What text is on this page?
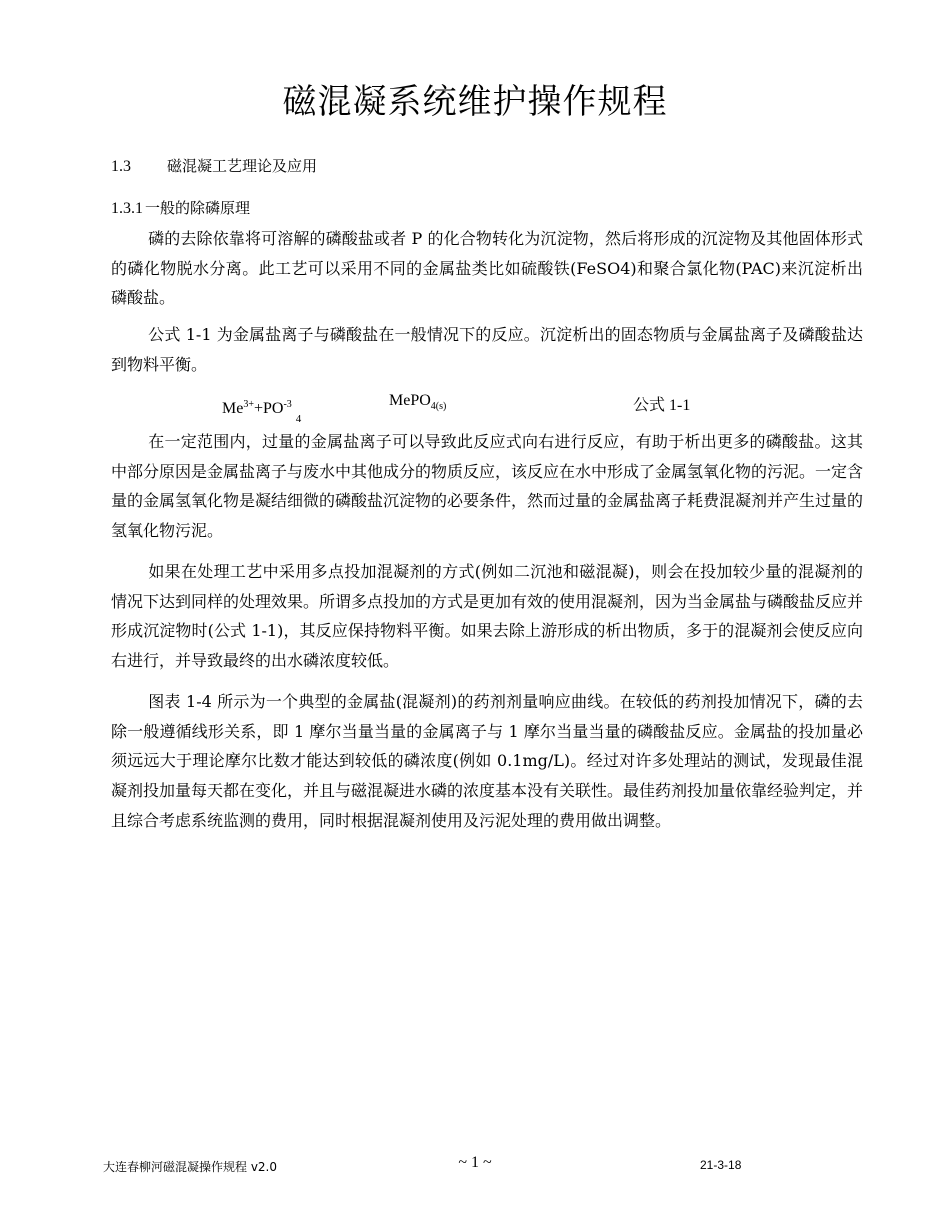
磁混凝系统维护操作规程
1.3 磁混凝工艺理论及应用
1.3.1 一般的除磷原理

磷的去除依靠将可溶解的磷酸盐或者 P 的化合物转化为沉淀物，然后将形成的沉淀物及其他固体形式的磷化物脱水分离。此工艺可以采用不同的金属盐类比如硫酸铁(FeSO4)和聚合氯化物(PAC)来沉淀析出磷酸盐。

公式 1-1 为金属盐离子与磷酸盐在一般情况下的反应。沉淀析出的固态物质与金属盐离子及磷酸盐达到物料平衡。

$Me^{3+}+PO^{-3}_4$
MePO$_{4(s)}$	公式 1-1

在一定范围内，过量的金属盐离子可以导致此反应式向右进行反应，有助于析出更多的磷酸盐。这其中部分原因是金属盐离子与废水中其他成分的物质反应，该反应在水中形成了金属氢氧化物的污泥。一定含量的金属氢氧化物是凝结细微的磷酸盐沉淀物的必要条件，然而过量的金属盐离子耗费混凝剂并产生过量的氢氧化物污泥。

如果在处理工艺中采用多点投加混凝剂的方式(例如二沉池和磁混凝)，则会在投加较少量的混凝剂的情况下达到同样的处理效果。所谓多点投加的方式是更加有效的使用混凝剂，因为当金属盐与磷酸盐反应并形成沉淀物时(公式 1-1)，其反应保持物料平衡。如果去除上游形成的析出物质，多于的混凝剂会使反应向右进行，并导致最终的出水磷浓度较低。

图表 1-4 所示为一个典型的金属盐(混凝剂)的药剂剂量响应曲线。在较低的药剂投加情况下，磷的去除一般遵循线形关系，即 1 摩尔当量当量的金属离子与 1 摩尔当量当量的磷酸盐反应。金属盐的投加量必须远远大于理论摩尔比数才能达到较低的磷浓度(例如 0.1mg/L)。经过对许多处理站的测试，发现最佳混凝剂投加量每天都在变化，并且与磁混凝进水磷的浓度基本没有关联性。最佳药剂投加量依靠经验判定，并且综合考虑系统监测的费用，同时根据混凝剂使用及污泥处理的费用做出调整。

大连春柳河磁混凝操作规程 v2.0	~ 1 ~	21-3-18
